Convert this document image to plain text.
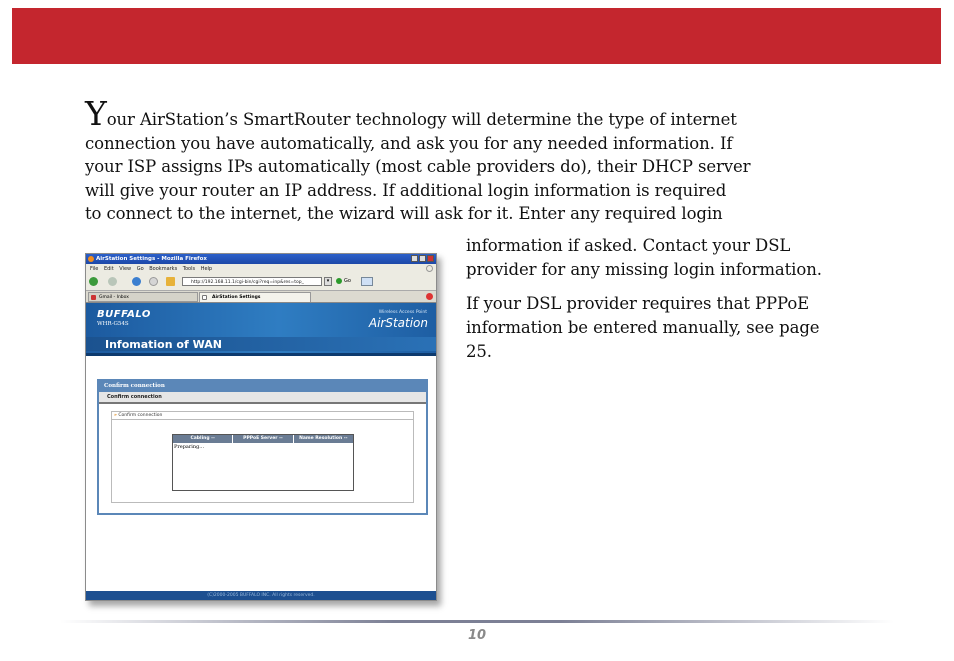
Your AirStation’s SmartRouter technology will determine the type of internet
connection you have automatically, and ask you for any needed information. If
your ISP assigns IPs automatically (most cable providers do), their DHCP server
will give your router an IP address. If additional login information is required
to connect to the internet, the wizard will ask for it. Enter any required login

information if asked. Contact your DSL
provider for any missing login information.

If your DSL provider requires that PPPoE
information be entered manually, see page
25.

AirStation Settings - Mozilla Firefox
File Edit View Go Bookmarks Tools Help
http://192.168.11.1/cgi-bin/cgi?req=inp&res=top_	▾	Go
Gmail - Inbox	AirStation Settings
BUFFALO
WHR-G54S
Wireless Access Point
AirStation
Infomation of WAN
Confirm connection
Confirm connection
» Confirm connection
Cabling --	PPPoE Server --	Name Resolution --
Preparing...
(C)2000-2005 BUFFALO INC. All rights reserved.
10
